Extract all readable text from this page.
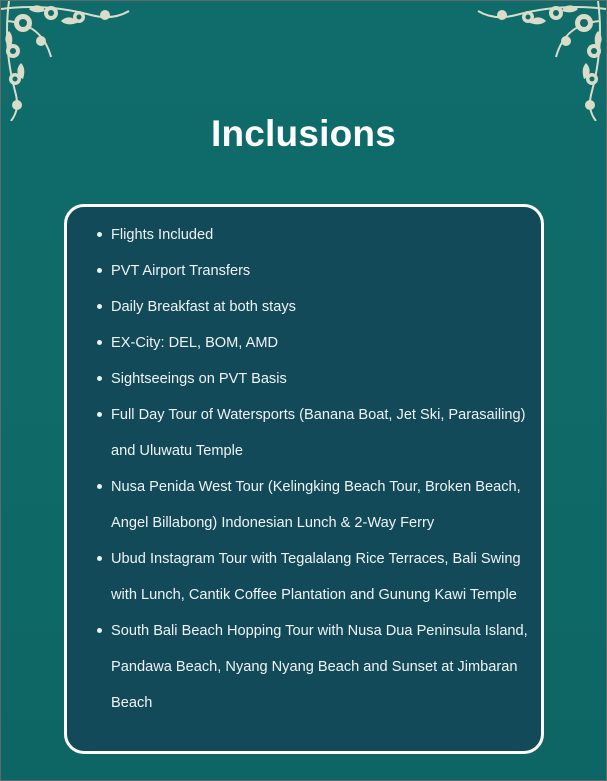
Inclusions
Flights Included
PVT Airport Transfers
Daily Breakfast at both stays
EX-City: DEL, BOM, AMD
Sightseeings on PVT Basis
Full Day Tour of Watersports (Banana Boat, Jet Ski, Parasailing) and Uluwatu Temple
Nusa Penida West Tour (Kelingking Beach Tour, Broken Beach, Angel Billabong) Indonesian Lunch & 2-Way Ferry
Ubud Instagram Tour with Tegalalang Rice Terraces, Bali Swing with Lunch, Cantik Coffee Plantation and Gunung Kawi Temple
South Bali Beach Hopping Tour with Nusa Dua Peninsula Island, Pandawa Beach, Nyang Nyang Beach and Sunset at Jimbaran Beach
